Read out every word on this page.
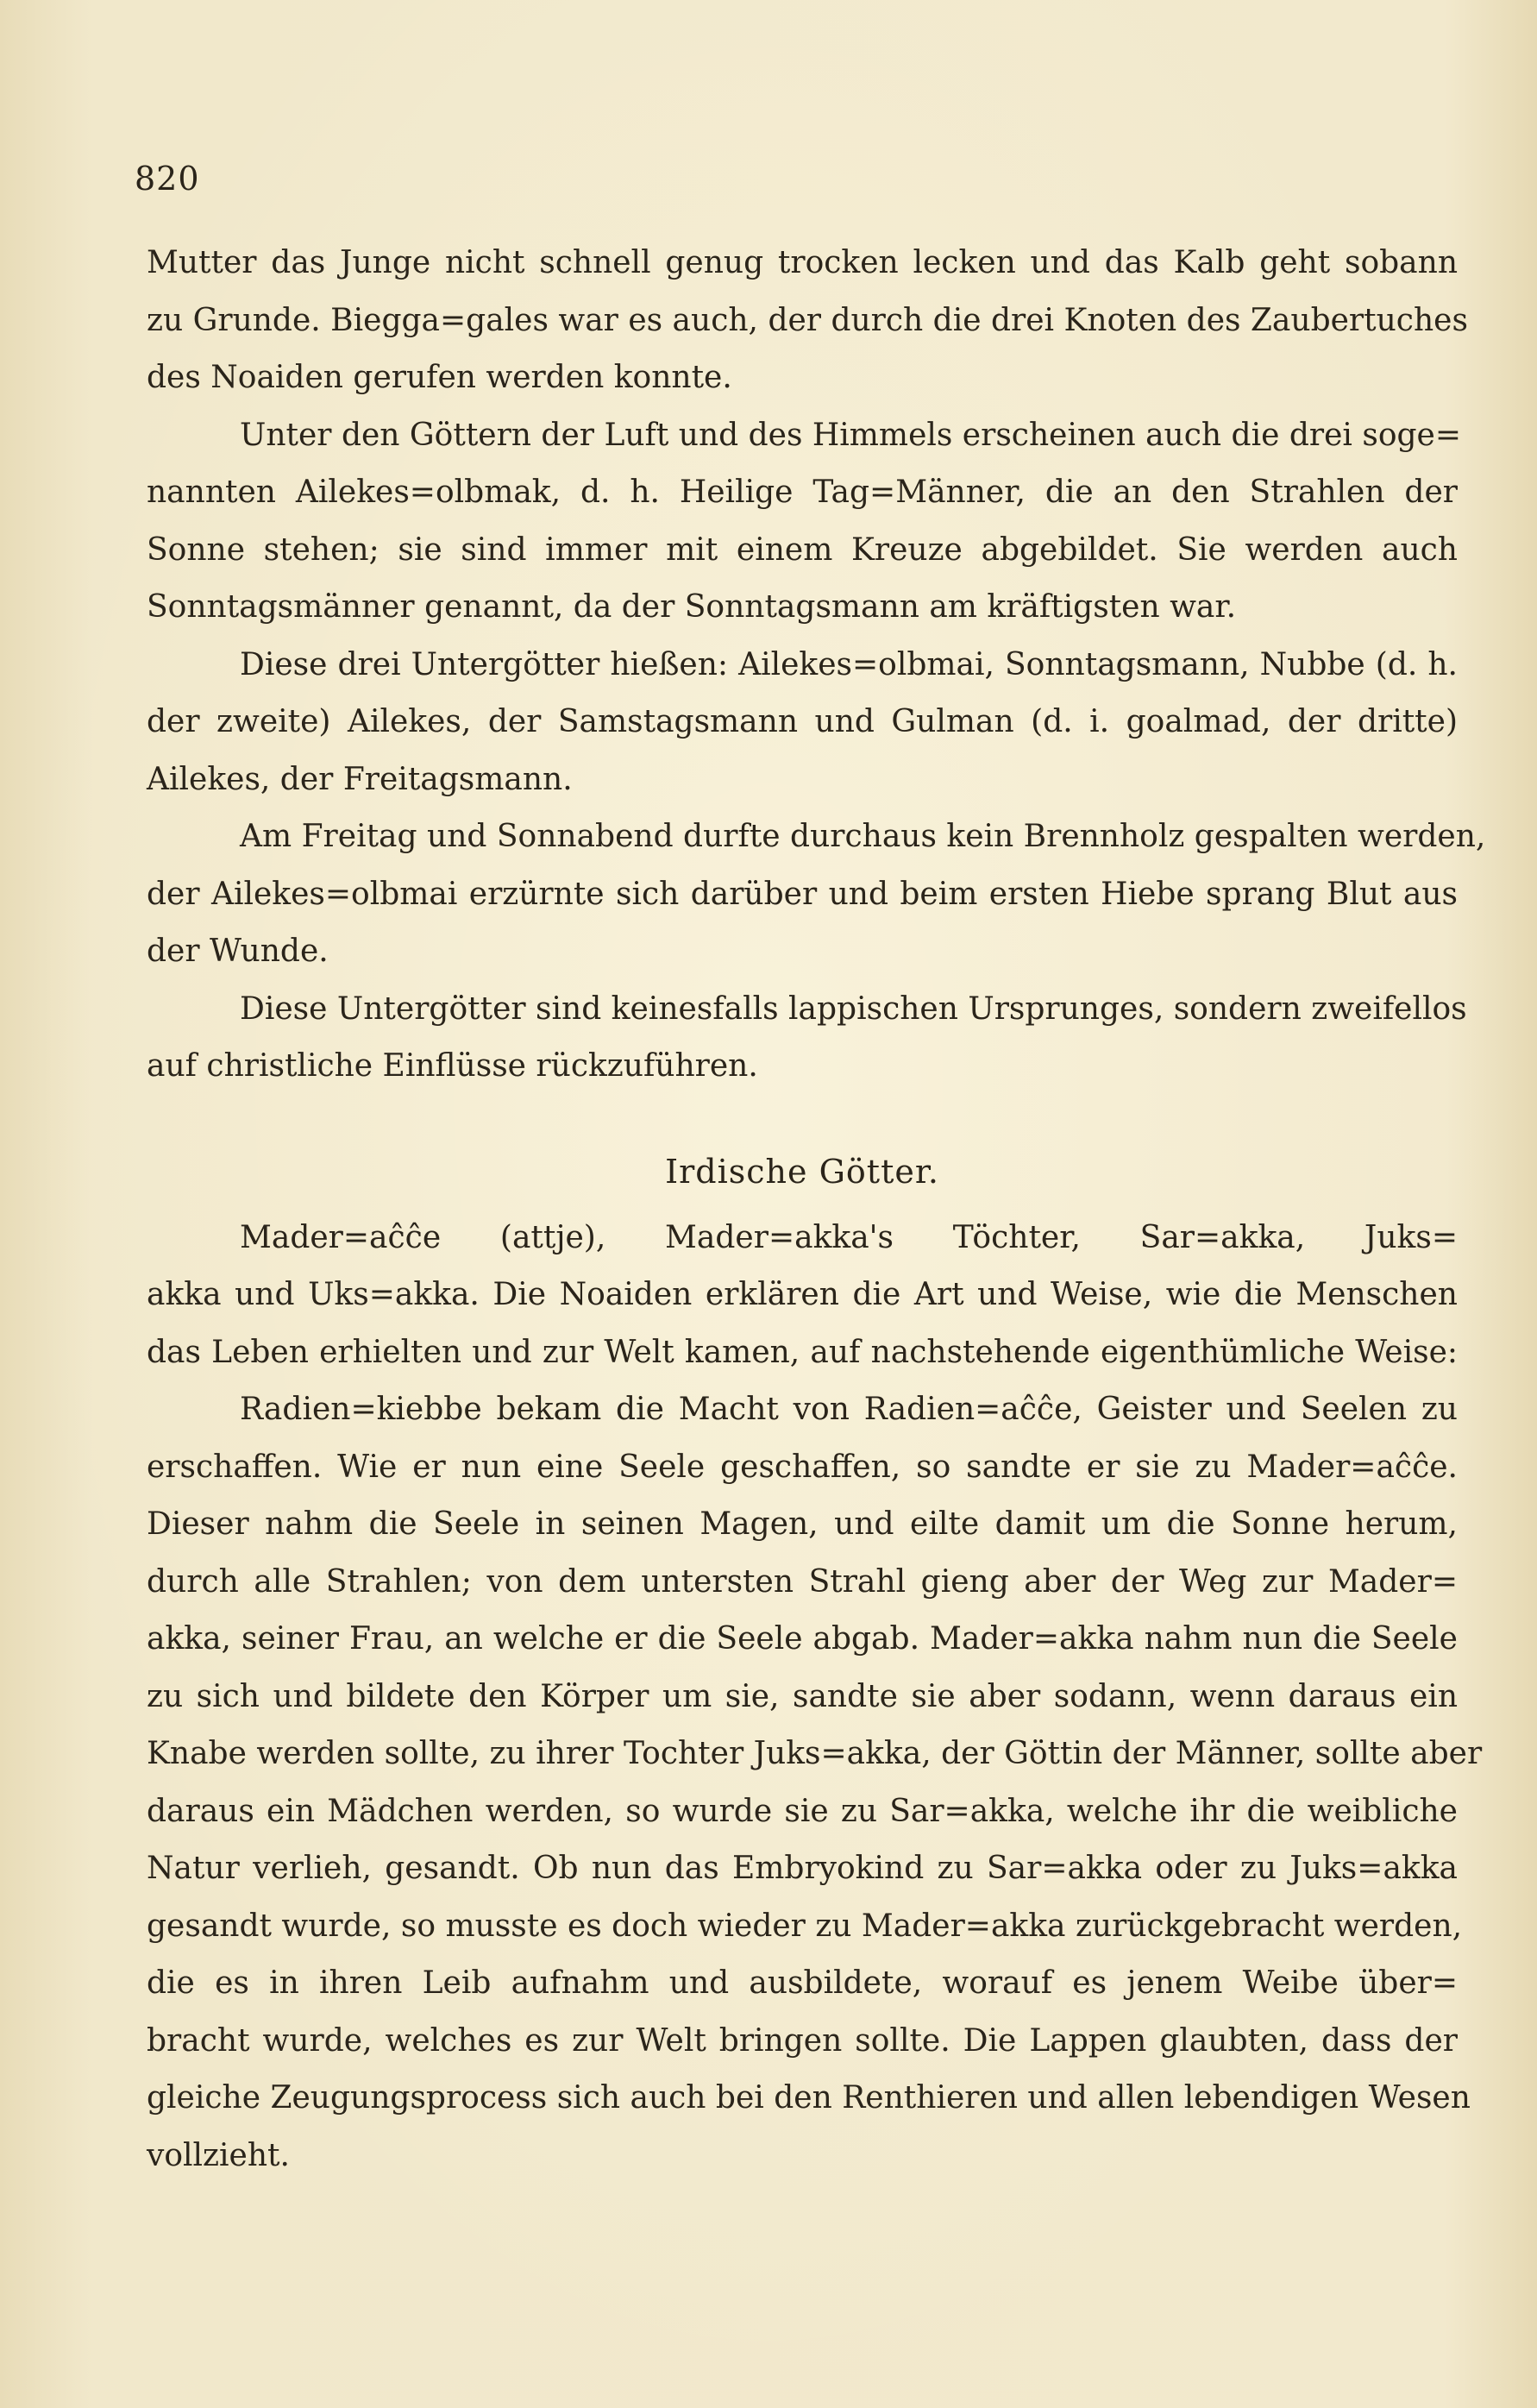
820
Mutter das Junge nicht schnell genug trocken lecken und das Kalb geht sobann
zu Grunde. Biegga=gales war es auch, der durch die drei Knoten des Zaubertuches
des Noaiden gerufen werden konnte.
Unter den Göttern der Luft und des Himmels erscheinen auch die drei soge=
nannten Ailekes=olbmak, d. h. Heilige Tag=Männer, die an den Strahlen der
Sonne stehen; sie sind immer mit einem Kreuze abgebildet. Sie werden auch
Sonntagsmänner genannt, da der Sonntagsmann am kräftigsten war.
Diese drei Untergötter hießen: Ailekes=olbmai, Sonntagsmann, Nubbe (d. h.
der zweite) Ailekes, der Samstagsmann und Gulman (d. i. goalmad, der dritte)
Ailekes, der Freitagsmann.
Am Freitag und Sonnabend durfte durchaus kein Brennholz gespalten werden,
der Ailekes=olbmai erzürnte sich darüber und beim ersten Hiebe sprang Blut aus
der Wunde.
Diese Untergötter sind keinesfalls lappischen Ursprunges, sondern zweifellos
auf christliche Einflüsse rückzuführen.
Irdische Götter.
Mader=aĉĉe (attje), Mader=akka's Töchter, Sar=akka, Juks=
akka und Uks=akka. Die Noaiden erklären die Art und Weise, wie die Menschen
das Leben erhielten und zur Welt kamen, auf nachstehende eigenthümliche Weise:
Radien=kiebbe bekam die Macht von Radien=aĉĉe, Geister und Seelen zu
erschaffen. Wie er nun eine Seele geschaffen, so sandte er sie zu Mader=aĉĉe.
Dieser nahm die Seele in seinen Magen, und eilte damit um die Sonne herum,
durch alle Strahlen; von dem untersten Strahl gieng aber der Weg zur Mader=
akka, seiner Frau, an welche er die Seele abgab. Mader=akka nahm nun die Seele
zu sich und bildete den Körper um sie, sandte sie aber sodann, wenn daraus ein
Knabe werden sollte, zu ihrer Tochter Juks=akka, der Göttin der Männer, sollte aber
daraus ein Mädchen werden, so wurde sie zu Sar=akka, welche ihr die weibliche
Natur verlieh, gesandt. Ob nun das Embryokind zu Sar=akka oder zu Juks=akka
gesandt wurde, so musste es doch wieder zu Mader=akka zurückgebracht werden,
die es in ihren Leib aufnahm und ausbildete, worauf es jenem Weibe über=
bracht wurde, welches es zur Welt bringen sollte. Die Lappen glaubten, dass der
gleiche Zeugungsprocess sich auch bei den Renthieren und allen lebendigen Wesen
vollzieht.
